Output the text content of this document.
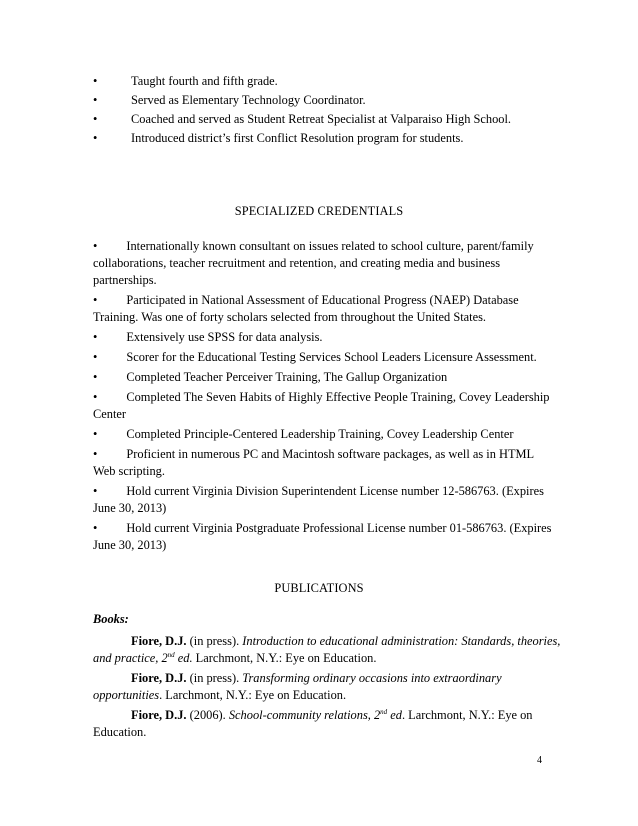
•	Taught fourth and fifth grade.
•	Served as Elementary Technology Coordinator.
•	Coached and served as Student Retreat Specialist at Valparaiso High School.
•	Introduced district’s first Conflict Resolution program for students.
SPECIALIZED CREDENTIALS

• Internationally known consultant on issues related to school culture, parent/family
collaborations, teacher recruitment and retention, and creating media and business partnerships.

• Participated in National Assessment of Educational Progress (NAEP) Database
Training. Was one of forty scholars selected from throughout the United States.

• Extensively use SPSS for data analysis.

• Scorer for the Educational Testing Services School Leaders Licensure Assessment.

• Completed Teacher Perceiver Training, The Gallup Organization

• Completed The Seven Habits of Highly Effective People Training, Covey Leadership
Center

• Completed Principle-Centered Leadership Training, Covey Leadership Center

• Proficient in numerous PC and Macintosh software packages, as well as in HTML
Web scripting.

• Hold current Virginia Division Superintendent License number 12-586763. (Expires
June 30, 2013)

• Hold current Virginia Postgraduate Professional License number 01-586763. (Expires
June 30, 2013)

PUBLICATIONS
Books:

Fiore, D.J. (in press). Introduction to educational administration: Standards, theories, and practice, 2nd ed. Larchmont, N.Y.: Eye on Education.

Fiore, D.J. (in press). Transforming ordinary occasions into extraordinary opportunities. Larchmont, N.Y.: Eye on Education.

Fiore, D.J. (2006). School-community relations, 2nd ed. Larchmont, N.Y.: Eye on Education.

4
